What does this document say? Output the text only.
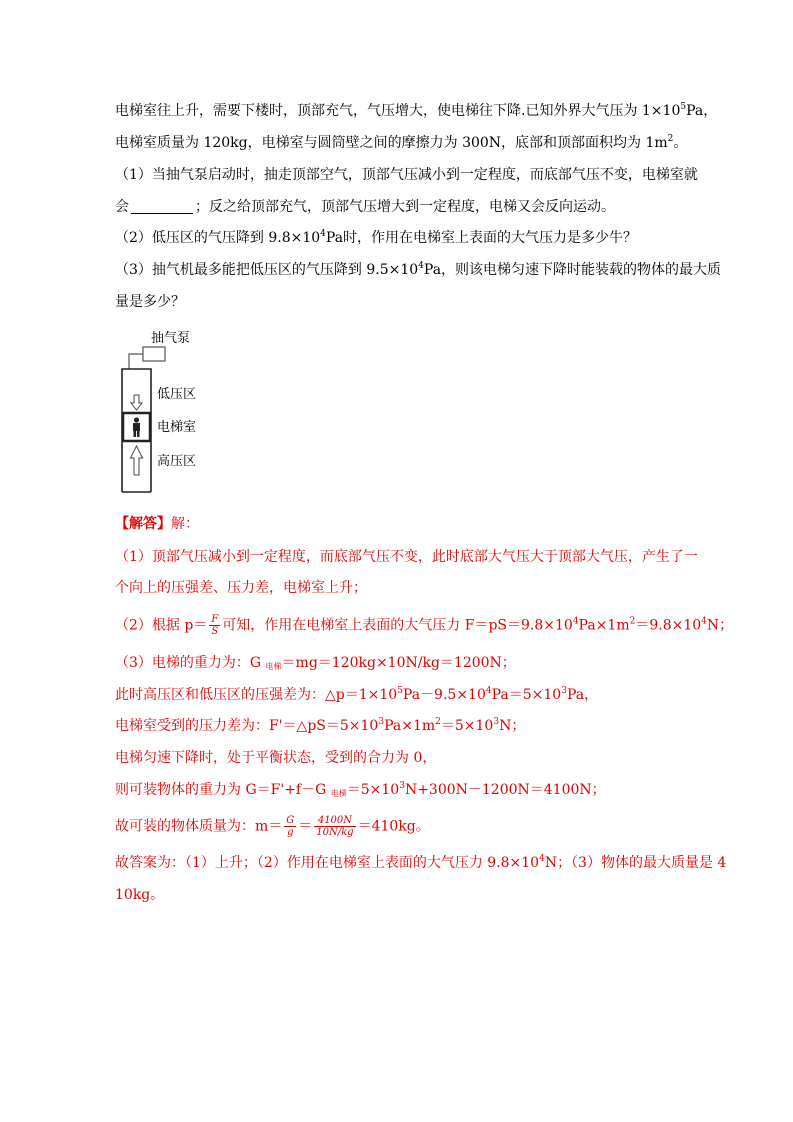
电梯室往上升，需要下楼时，顶部充气，气压增大，使电梯往下降.已知外界大气压为 $1\times 10^5Pa$，
电梯室质量为 120kg，电梯室与圆筒壁之间的摩擦力为 300N，底部和顶部面积均为 $1m^2$。
（1）当抽气泵启动时，抽走顶部空气，顶部气压减小到一定程度，而底部气压不变，电梯室就
会	；反之给顶部充气，顶部气压增大到一定程度，电梯又会反向运动。
（2）低压区的气压降到 $9.8\times 10^4Pa$时，作用在电梯室上表面的大气压力是多少牛？
（3）抽气机最多能把低压区的气压降到 $9.5\times 10^4Pa$，则该电梯匀速下降时能装载的物体的最大质
量是多少？
抽气泵
低压区
电梯室
高压区
【解答】解：
（1）顶部气压减小到一定程度，而底部气压不变，此时底部大气压大于顶部大气压，产生了一
个向上的压强差、压力差，电梯室上升；
（2）根据 $p= \frac{F}{S}$ 可知，作用在电梯室上表面的大气压力 $F=pS=9.8\times 10^4Pa\times 1m^2=9.8\times 10^4N$；
（3）电梯的重力为：G $_{电梯}$＝mg＝120kg×10N/kg＝1200N；
此时高压区和低压区的压强差为：$\triangle p=1\times 10^5Pa-9.5\times 10^4Pa=5\times 10^3Pa$，
电梯室受到的压力差为：$F'=\triangle pS=5\times 10^3Pa\times 1m^2=5\times 10^3N$；
电梯匀速下降时，处于平衡状态，受到的合力为 0，
则可装物体的重力为 G＝F'+f－G $_{电梯}=5\times 10^3N+300N-1200N=4100N$；
故可装的物体质量为：$m= \frac{G}{g} = \frac{4100N}{10N/kg} =410kg$。
故答案为：（1）上升；（2）作用在电梯室上表面的大气压力 $9.8\times 10^4N$；（3）物体的最大质量是 4
10kg。
